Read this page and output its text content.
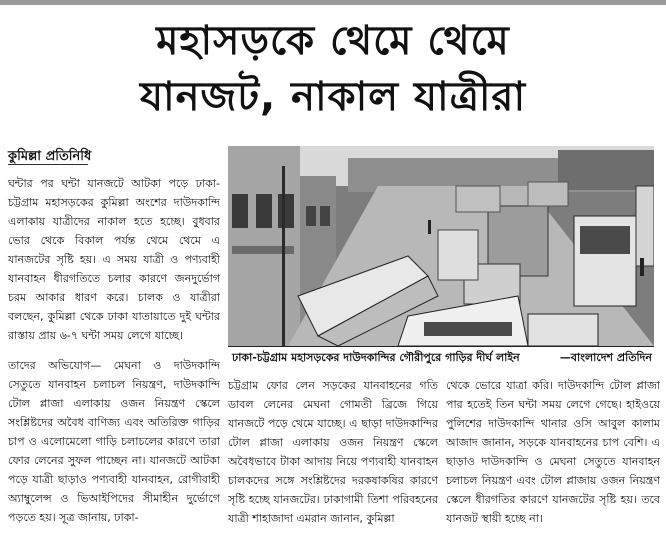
মহাসড়কে থেমে থেমে
যানজট, নাকাল যাত্রীরা
কুমিল্লা প্রতিনিধি

ঘন্টার পর ঘন্টা যানজটে আটকা পড়ে ঢাকা-চট্টগ্রাম মহাসড়কের কুমিল্লা অংশের দাউদকান্দি এলাকায় যাত্রীদের নাকাল হতে হচ্ছে। বুধবার ভোর থেকে বিকাল পর্যন্ত থেমে থেমে এ যানজটের সৃষ্টি হয়। এ সময় যাত্রী ও পণ্যবাহী যানবাহন ধীরগতিতে চলার কারণে জনদুর্ভোগ চরম আকার ধারণ করে। চালক ও যাত্রীরা বলছেন, কুমিল্লা থেকে ঢাকা যাতায়াতে দুই ঘন্টার রাস্তায় প্রায় ৬-৭ ঘন্টা সময় লেগে যাচ্ছে।

তাদের অভিযোগ— মেঘনা ও দাউদকান্দি সেতুতে যানবাহন চলাচল নিয়ন্ত্রণ, দাউদকান্দি টোল প্লাজা এলাকায় ওজন নিয়ন্ত্রণ স্কেলে সংশ্লিষ্টদের অবৈধ বাণিজ্য এবং অতিরিক্ত গাড়ির চাপ ও এলোমেলো গাড়ি চলাচলের কারণে তারা ফোর লেনের সুফল পাচ্ছেন না। যানজটে আটকা পড়ে যাত্রী ছাড়াও পণ্যবাহী যানবাহন, রোগীবাহী অ্যাম্বুলেন্স ও ভিআইপিদের সীমাহীন দুর্ভোগে পড়তে হয়। সূত্র জানায়, ঢাকা-

ঢাকা-চট্টগ্রাম মহাসড়কের দাউদকান্দির গৌরীপুরে গাড়ির দীর্ঘ লাইন	—বাংলাদেশ প্রতিদিন

চট্টগ্রাম ফোর লেন সড়কের যানবাহনের গতি ডাবল লেনের মেঘনা গোমতী ব্রিজে গিয়ে যানজটে পড়ে থেমে যাচ্ছে। এ ছাড়া দাউদকান্দির টোল প্লাজা এলাকায় ওজন নিয়ন্ত্রণ স্কেলে অবৈধভাবে টাকা আদায় নিয়ে পণ্যবাহী যানবাহন চালকদের সঙ্গে সংশ্লিষ্টদের দরকষাকষির কারণে সৃষ্টি হচ্ছে যানজটের। ঢাকাগামী তিশা পরিবহনের যাত্রী শাহাজাদা এমরান জানান, কুমিল্লা

থেকে ভোরে যাত্রা করি। দাউদকান্দি টোল প্লাজা পার হতেই তিন ঘন্টা সময় লেগে গেছে। হাইওয়ে পুলিশের দাউদকান্দি থানার ওসি আবুল কালাম আজাদ জানান, সড়কে যানবাহনের চাপ বেশি। এ ছাড়াও দাউদকান্দি ও মেঘনা সেতুতে যানবাহন চলাচল নিয়ন্ত্রণ এবং টোল প্লাজায় ওজন নিয়ন্ত্রণ স্কেলে ধীরগতির কারণে যানজটের সৃষ্টি হয়। তবে যানজট স্থায়ী হচ্ছে না।
